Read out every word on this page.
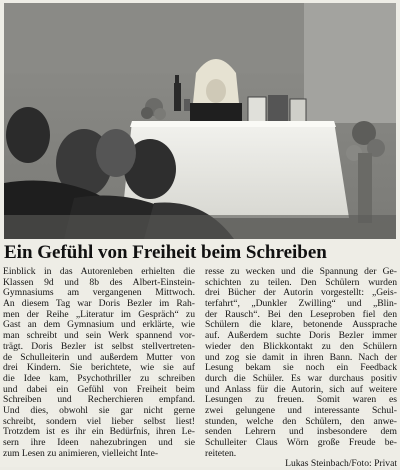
Ein Gefühl von Freiheit beim Schreiben
Einblick in das Autorenleben erhielten die
Klassen 9d und 8b des Albert-Einstein-
Gymnasiums am vergangenen Mittwoch.
An diesem Tag war Doris Bezler im Rah-
men der Reihe „Literatur im Gespräch“ zu
Gast an dem Gymnasium und erklärte, wie
man schreibt und sein Werk spannend vor-
trägt. Doris Bezler ist selbst stellvertreten-
de Schulleiterin und außerdem Mutter von
drei Kindern. Sie berichtete, wie sie auf
die Idee kam, Psychothriller zu schreiben
und dabei ein Gefühl von Freiheit beim
Schreiben und Recherchieren empfand.
Und dies, obwohl sie gar nicht gerne
schreibt, sondern viel lieber selbst liest!
Trotzdem ist es ihr ein Bedürfnis, ihren Le-
sern ihre Ideen nahezubringen und sie
zum Lesen zu animieren, vielleicht Inte-
resse zu wecken und die Spannung der Ge-
schichten zu teilen. Den Schülern wurden
drei Bücher der Autorin vorgestellt: „Geis-
terfahrt“, „Dunkler Zwilling“ und „Blin-
der Rausch“. Bei den Leseproben fiel den
Schülern die klare, betonende Aussprache
auf. Außerdem suchte Doris Bezler immer
wieder den Blickkontakt zu den Schülern
und zog sie damit in ihren Bann. Nach der
Lesung bekam sie noch ein Feedback
durch die Schüler. Es war durchaus positiv
und Anlass für die Autorin, sich auf weitere
Lesungen zu freuen. Somit waren es
zwei gelungene und interessante Schul-
stunden, welche den Schülern, den anwe-
senden Lehrern und insbesondere dem
Schulleiter Claus Wörn große Freude be-
reiteten.
Lukas Steinbach/Foto: Privat
